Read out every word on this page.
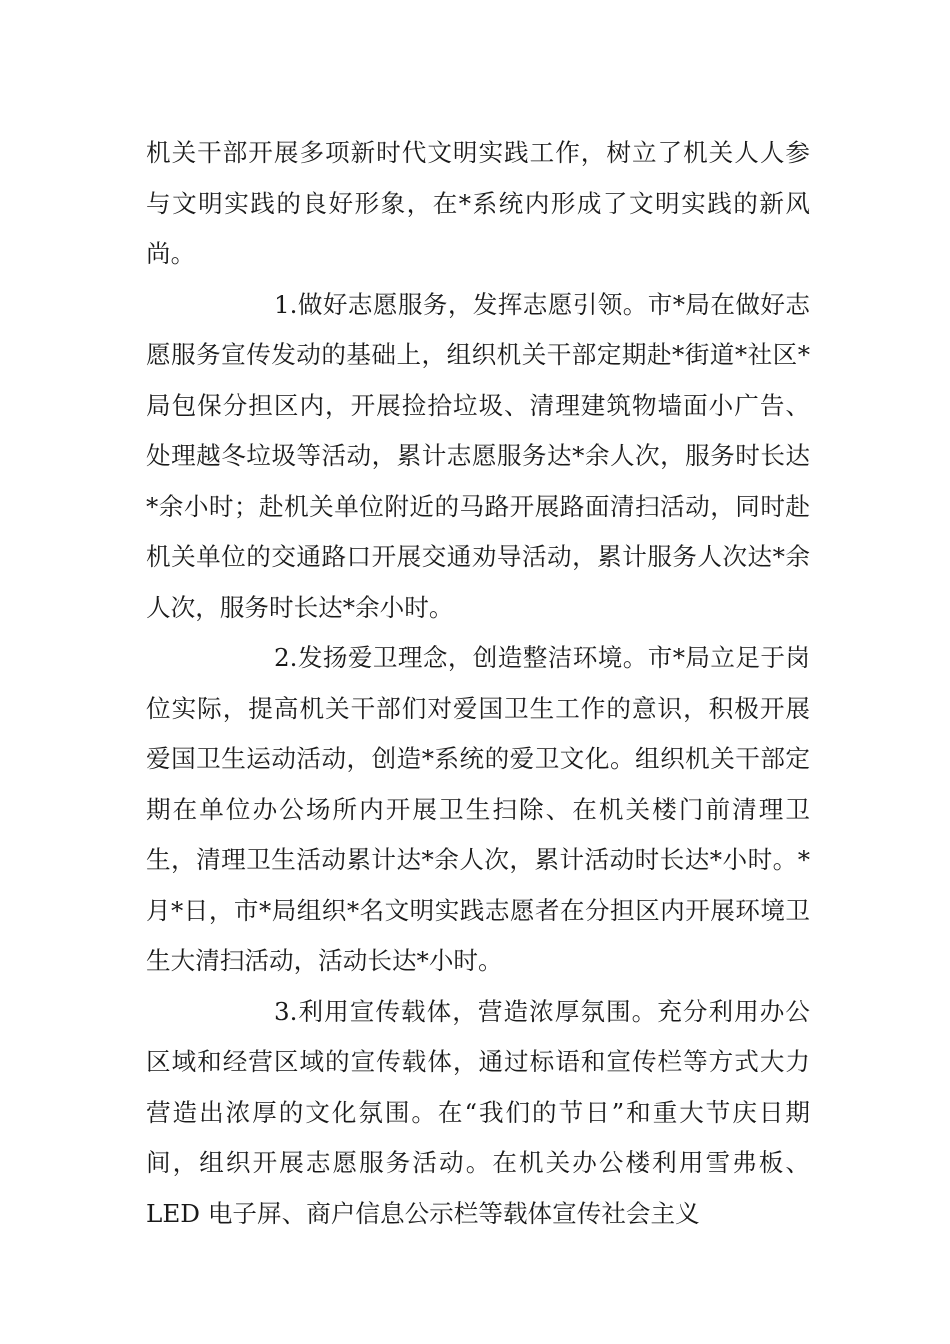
机关干部开展多项新时代文明实践工作，树立了机关人人参与文明实践的良好形象，在*系统内形成了文明实践的新风尚。

1.做好志愿服务，发挥志愿引领。市*局在做好志愿服务宣传发动的基础上，组织机关干部定期赴*街道*社区*局包保分担区内，开展捡拾垃圾、清理建筑物墙面小广告、处理越冬垃圾等活动，累计志愿服务达*余人次，服务时长达*余小时；赴机关单位附近的马路开展路面清扫活动，同时赴机关单位的交通路口开展交通劝导活动，累计服务人次达*余人次，服务时长达*余小时。

2.发扬爱卫理念，创造整洁环境。市*局立足于岗位实际，提高机关干部们对爱国卫生工作的意识，积极开展爱国卫生运动活动，创造*系统的爱卫文化。组织机关干部定期在单位办公场所内开展卫生扫除、在机关楼门前清理卫生，清理卫生活动累计达*余人次，累计活动时长达*小时。*月*日，市*局组织*名文明实践志愿者在分担区内开展环境卫生大清扫活动，活动长达*小时。

3.利用宣传载体，营造浓厚氛围。充分利用办公区域和经营区域的宣传载体，通过标语和宣传栏等方式大力营造出浓厚的文化氛围。在“我们的节日”和重大节庆日期间，组织开展志愿服务活动。在机关办公楼利用雪弗板、LED 电子屏、商户信息公示栏等载体宣传社会主义
